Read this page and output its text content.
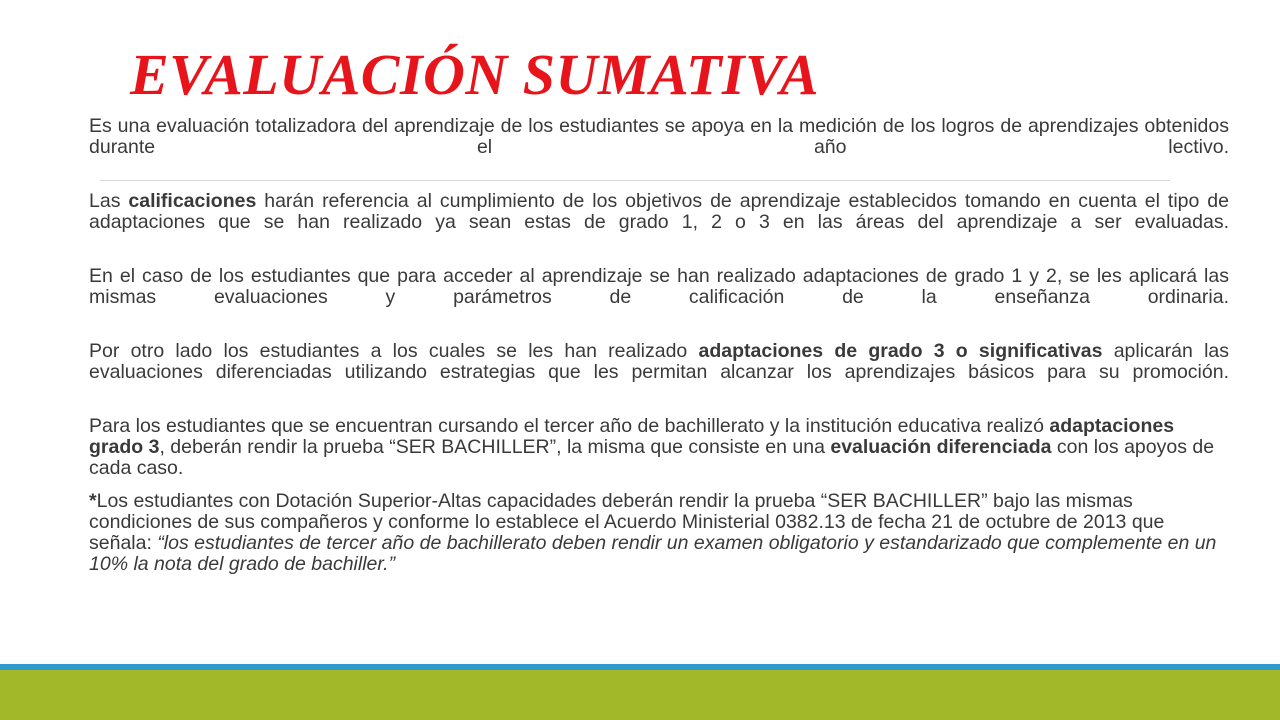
EVALUACIÓN SUMATIVA

Es una evaluación totalizadora del aprendizaje de los estudiantes se apoya en la medición de los logros de aprendizajes obtenidos durante el año lectivo.

Las calificaciones harán referencia al cumplimiento de los objetivos de aprendizaje establecidos tomando en cuenta el tipo de adaptaciones que se han realizado ya sean estas de grado 1, 2 o 3 en las áreas del aprendizaje a ser evaluadas.

En el caso de los estudiantes que para acceder al aprendizaje se han realizado adaptaciones de grado 1 y 2, se les aplicará las mismas evaluaciones y parámetros de calificación de la enseñanza ordinaria.

Por otro lado los estudiantes a los cuales se les han realizado adaptaciones de grado 3 o significativas aplicarán las evaluaciones diferenciadas utilizando estrategias que les permitan alcanzar los aprendizajes básicos para su promoción.

Para los estudiantes que se encuentran cursando el tercer año de bachillerato y la institución educativa realizó adaptaciones grado 3, deberán rendir la prueba “SER BACHILLER”, la misma que consiste en una evaluación diferenciada con los apoyos de cada caso.

*Los estudiantes con Dotación Superior-Altas capacidades deberán rendir la prueba “SER BACHILLER” bajo las mismas condiciones de sus compañeros y conforme lo establece el Acuerdo Ministerial 0382.13 de fecha 21 de octubre de 2013 que señala: “los estudiantes de tercer año de bachillerato deben rendir un examen obligatorio y estandarizado que complemente en un 10% la nota del grado de bachiller.”
